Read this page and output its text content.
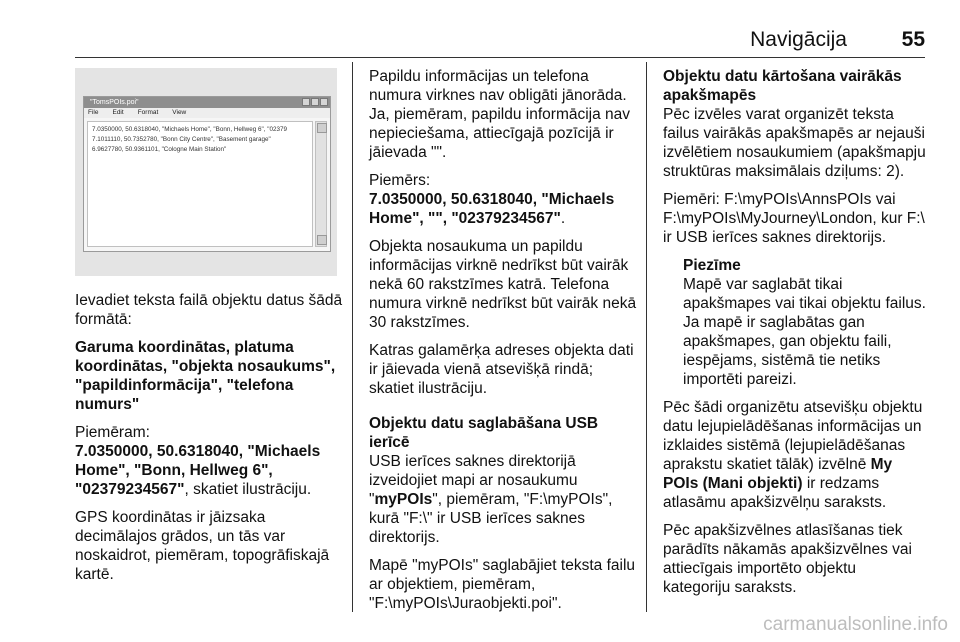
Navigācija	55
"TomsPOIs.poi"
File Edit Format View
7.0350000, 50.6318040, "Michaels Home", "Bonn, Hellweg 6", "02379
7.1011110, 50.7352780, "Bonn City Centre", "Basement garage"
6.9627780, 50.9361101, "Cologne Main Station"

Ievadiet teksta failā objektu datus šādā formātā:

Garuma koordinātas, platuma koordinātas, "objekta nosaukums", "papildinformācija", "telefona numurs"

Piemēram:
7.0350000, 50.6318040, "Michaels Home", "Bonn, Hellweg 6", "02379234567", skatiet ilustrāciju.

GPS koordinātas ir jāizsaka decimālajos grādos, un tās var noskaidrot, piemēram, topogrāfiskajā kartē.

Papildu informācijas un telefona numura virknes nav obligāti jānorāda. Ja, piemēram, papildu informācija nav nepieciešama, attiecīgajā pozīcijā ir jāievada "".

Piemērs:
7.0350000, 50.6318040, "Michaels Home", "", "02379234567".

Objekta nosaukuma un papildu informācijas virknē nedrīkst būt vairāk nekā 60 rakstzīmes katrā. Telefona numura virknē nedrīkst būt vairāk nekā 30 rakstzīmes.

Katras galamērķa adreses objekta dati ir jāievada vienā atsevišķā rindā; skatiet ilustrāciju.

Objektu datu saglabāšana USB ierīcē

USB ierīces saknes direktorijā izveidojiet mapi ar nosaukumu "myPOIs", piemēram, "F:\myPOIs", kurā "F:\" ir USB ierīces saknes direktorijs.

Mapē "myPOIs" saglabājiet teksta failu ar objektiem, piemēram, "F:\myPOIs\Juraobjekti.poi".

Objektu datu kārtošana vairākās apakšmapēs

Pēc izvēles varat organizēt teksta failus vairākās apakšmapēs ar nejauši izvēlētiem nosaukumiem (apakšmapju struktūras maksimālais dziļums: 2).

Piemēri: F:\myPOIs\AnnsPOIs vai F:\myPOIs\MyJourney\London, kur F:\ ir USB ierīces saknes direktorijs.

Piezīme
Mapē var saglabāt tikai apakšmapes vai tikai objektu failus. Ja mapē ir saglabātas gan apakšmapes, gan objektu faili, iespējams, sistēmā tie netiks importēti pareizi.

Pēc šādi organizētu atsevišķu objektu datu lejupielādēšanas informācijas un izklaides sistēmā (lejupielādēšanas aprakstu skatiet tālāk) izvēlnē My POIs (Mani objekti) ir redzams atlasāmu apakšizvēlņu saraksts.

Pēc apakšizvēlnes atlasīšanas tiek parādīts nākamās apakšizvēlnes vai attiecīgais importēto objektu kategoriju saraksts.

carmanualsonline.info
